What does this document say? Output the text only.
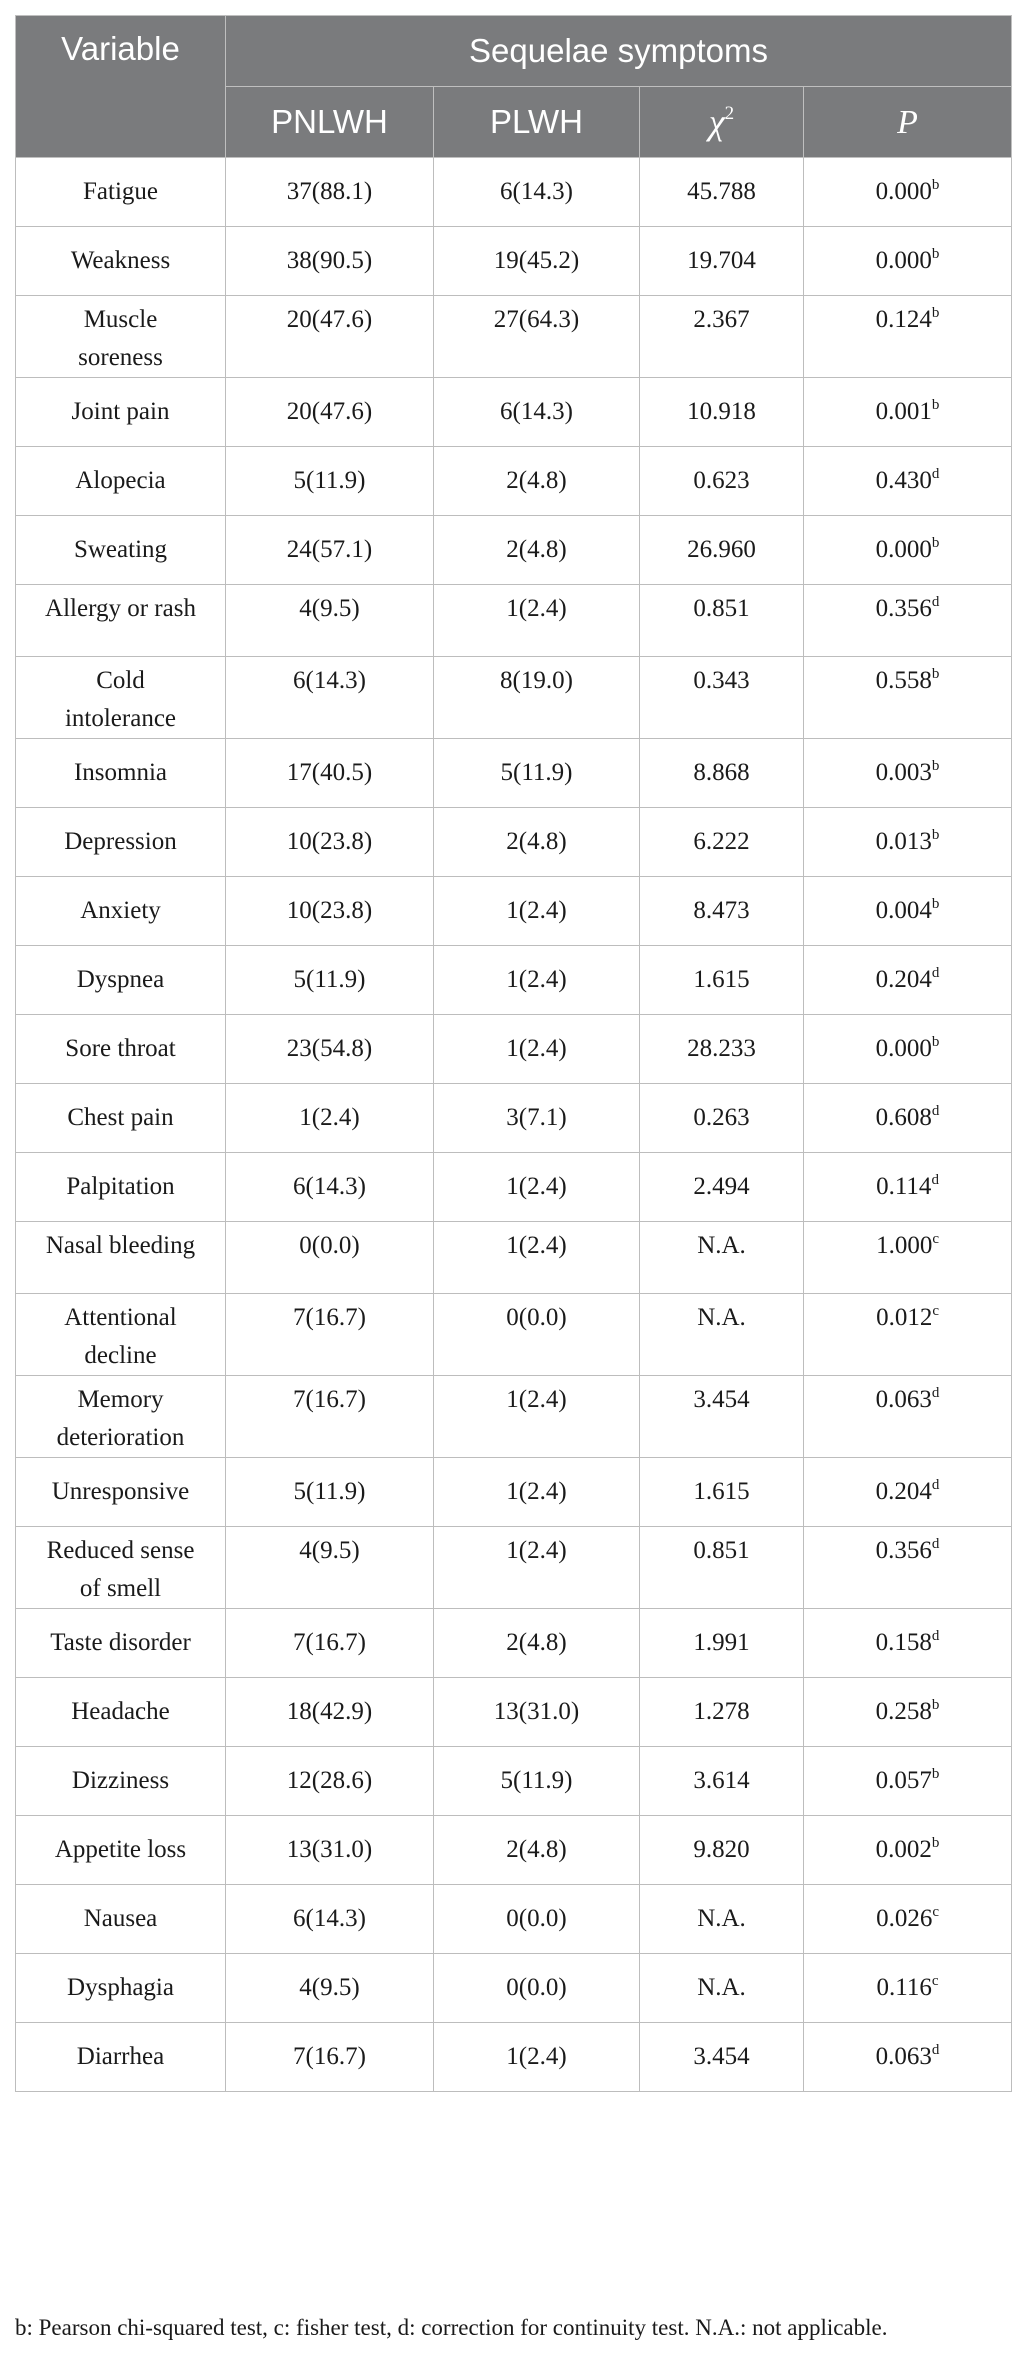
Variable	Sequelae symptoms			
	PNLWH	PLWH	$\chi^2$	P

Fatigue	37(88.1)	6(14.3)	45.788	0.000$^b$

Weakness	38(90.5)	19(45.2)	19.704	0.000$^b$

Muscle soreness	20(47.6)	27(64.3)	2.367	0.124$^b$

Joint pain	20(47.6)	6(14.3)	10.918	0.001$^b$

Alopecia	5(11.9)	2(4.8)	0.623	0.430$^d$

Sweating	24(57.1)	2(4.8)	26.960	0.000$^b$

Allergy or rash	4(9.5)	1(2.4)	0.851	0.356$^d$

Cold intolerance	6(14.3)	8(19.0)	0.343	0.558$^b$

Insomnia	17(40.5)	5(11.9)	8.868	0.003$^b$

Depression	10(23.8)	2(4.8)	6.222	0.013$^b$

Anxiety	10(23.8)	1(2.4)	8.473	0.004$^b$

Dyspnea	5(11.9)	1(2.4)	1.615	0.204$^d$

Sore throat	23(54.8)	1(2.4)	28.233	0.000$^b$

Chest pain	1(2.4)	3(7.1)	0.263	0.608$^d$

Palpitation	6(14.3)	1(2.4)	2.494	0.114$^d$

Nasal bleeding	0(0.0)	1(2.4)	N.A.	1.000$^c$

Attentional decline	7(16.7)	0(0.0)	N.A.	0.012$^c$

Memory deterioration	7(16.7)	1(2.4)	3.454	0.063$^d$

Unresponsive	5(11.9)	1(2.4)	1.615	0.204$^d$

Reduced sense of smell	4(9.5)	1(2.4)	0.851	0.356$^d$

Taste disorder	7(16.7)	2(4.8)	1.991	0.158$^d$

Headache	18(42.9)	13(31.0)	1.278	0.258$^b$

Dizziness	12(28.6)	5(11.9)	3.614	0.057$^b$

Appetite loss	13(31.0)	2(4.8)	9.820	0.002$^b$

Nausea	6(14.3)	0(0.0)	N.A.	0.026$^c$

Dysphagia	4(9.5)	0(0.0)	N.A.	0.116$^c$

Diarrhea	7(16.7)	1(2.4)	3.454	0.063$^d$
b: Pearson chi-squared test, c: fisher test, d: correction for continuity test. N.A.: not applicable.
